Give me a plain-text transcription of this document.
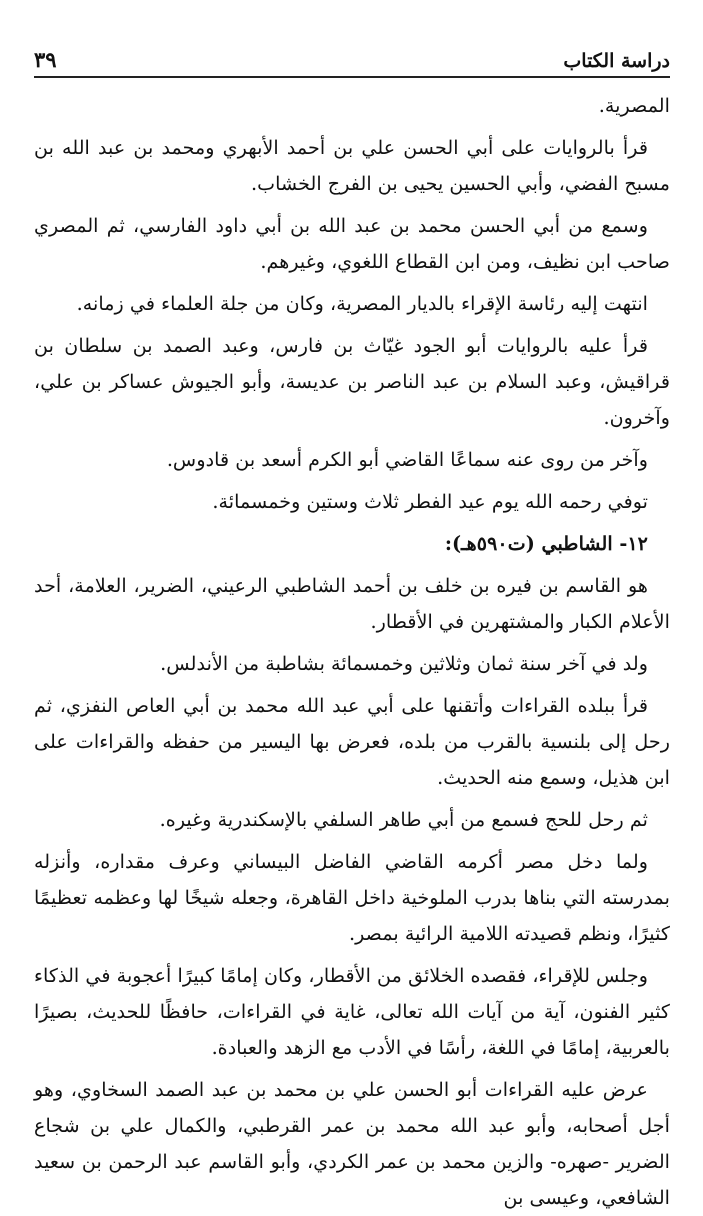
دراسة الكتاب
٣٩

المصرية.

قرأ بالروايات على أبي الحسن علي بن أحمد الأبهري ومحمد بن عبد الله بن مسبح الفضي، وأبي الحسين يحيى بن الفرج الخشاب.

وسمع من أبي الحسن محمد بن عبد الله بن أبي داود الفارسي، ثم المصري صاحب ابن نظيف، ومن ابن القطاع اللغوي، وغيرهم.

انتهت إليه رئاسة الإقراء بالديار المصرية، وكان من جلة العلماء في زمانه.

قرأ عليه بالروايات أبو الجود غيّاث بن فارس، وعبد الصمد بن سلطان بن قراقيش، وعبد السلام بن عبد الناصر بن عديسة، وأبو الجيوش عساكر بن علي، وآخرون.

وآخر من روى عنه سماعًا القاضي أبو الكرم أسعد بن قادوس.

توفي رحمه الله يوم عيد الفطر ثلاث وستين وخمسمائة.

١٢- الشاطبي (ت٥٩٠هـ):

هو القاسم بن فيره بن خلف بن أحمد الشاطبي الرعيني، الضرير، العلامة، أحد الأعلام الكبار والمشتهرين في الأقطار.

ولد في آخر سنة ثمان وثلاثين وخمسمائة بشاطبة من الأندلس.

قرأ ببلده القراءات وأتقنها على أبي عبد الله محمد بن أبي العاص النفزي، ثم رحل إلى بلنسية بالقرب من بلده، فعرض بها اليسير من حفظه والقراءات على ابن هذيل، وسمع منه الحديث.

ثم رحل للحج فسمع من أبي طاهر السلفي بالإسكندرية وغيره.

ولما دخل مصر أكرمه القاضي الفاضل البيساني وعرف مقداره، وأنزله بمدرسته التي بناها بدرب الملوخية داخل القاهرة، وجعله شيخًا لها وعظمه تعظيمًا كثيرًا، ونظم قصيدته اللامية الرائية بمصر.

وجلس للإقراء، فقصده الخلائق من الأقطار، وكان إمامًا كبيرًا أعجوبة في الذكاء كثير الفنون، آية من آيات الله تعالى، غاية في القراءات، حافظًا للحديث، بصيرًا بالعربية، إمامًا في اللغة، رأسًا في الأدب مع الزهد والعبادة.

عرض عليه القراءات أبو الحسن علي بن محمد بن عبد الصمد السخاوي، وهو أجل أصحابه، وأبو عبد الله محمد بن عمر القرطبي، والكمال علي بن شجاع الضرير -صهره- والزين محمد بن عمر الكردي، وأبو القاسم عبد الرحمن بن سعيد الشافعي، وعيسى بن
